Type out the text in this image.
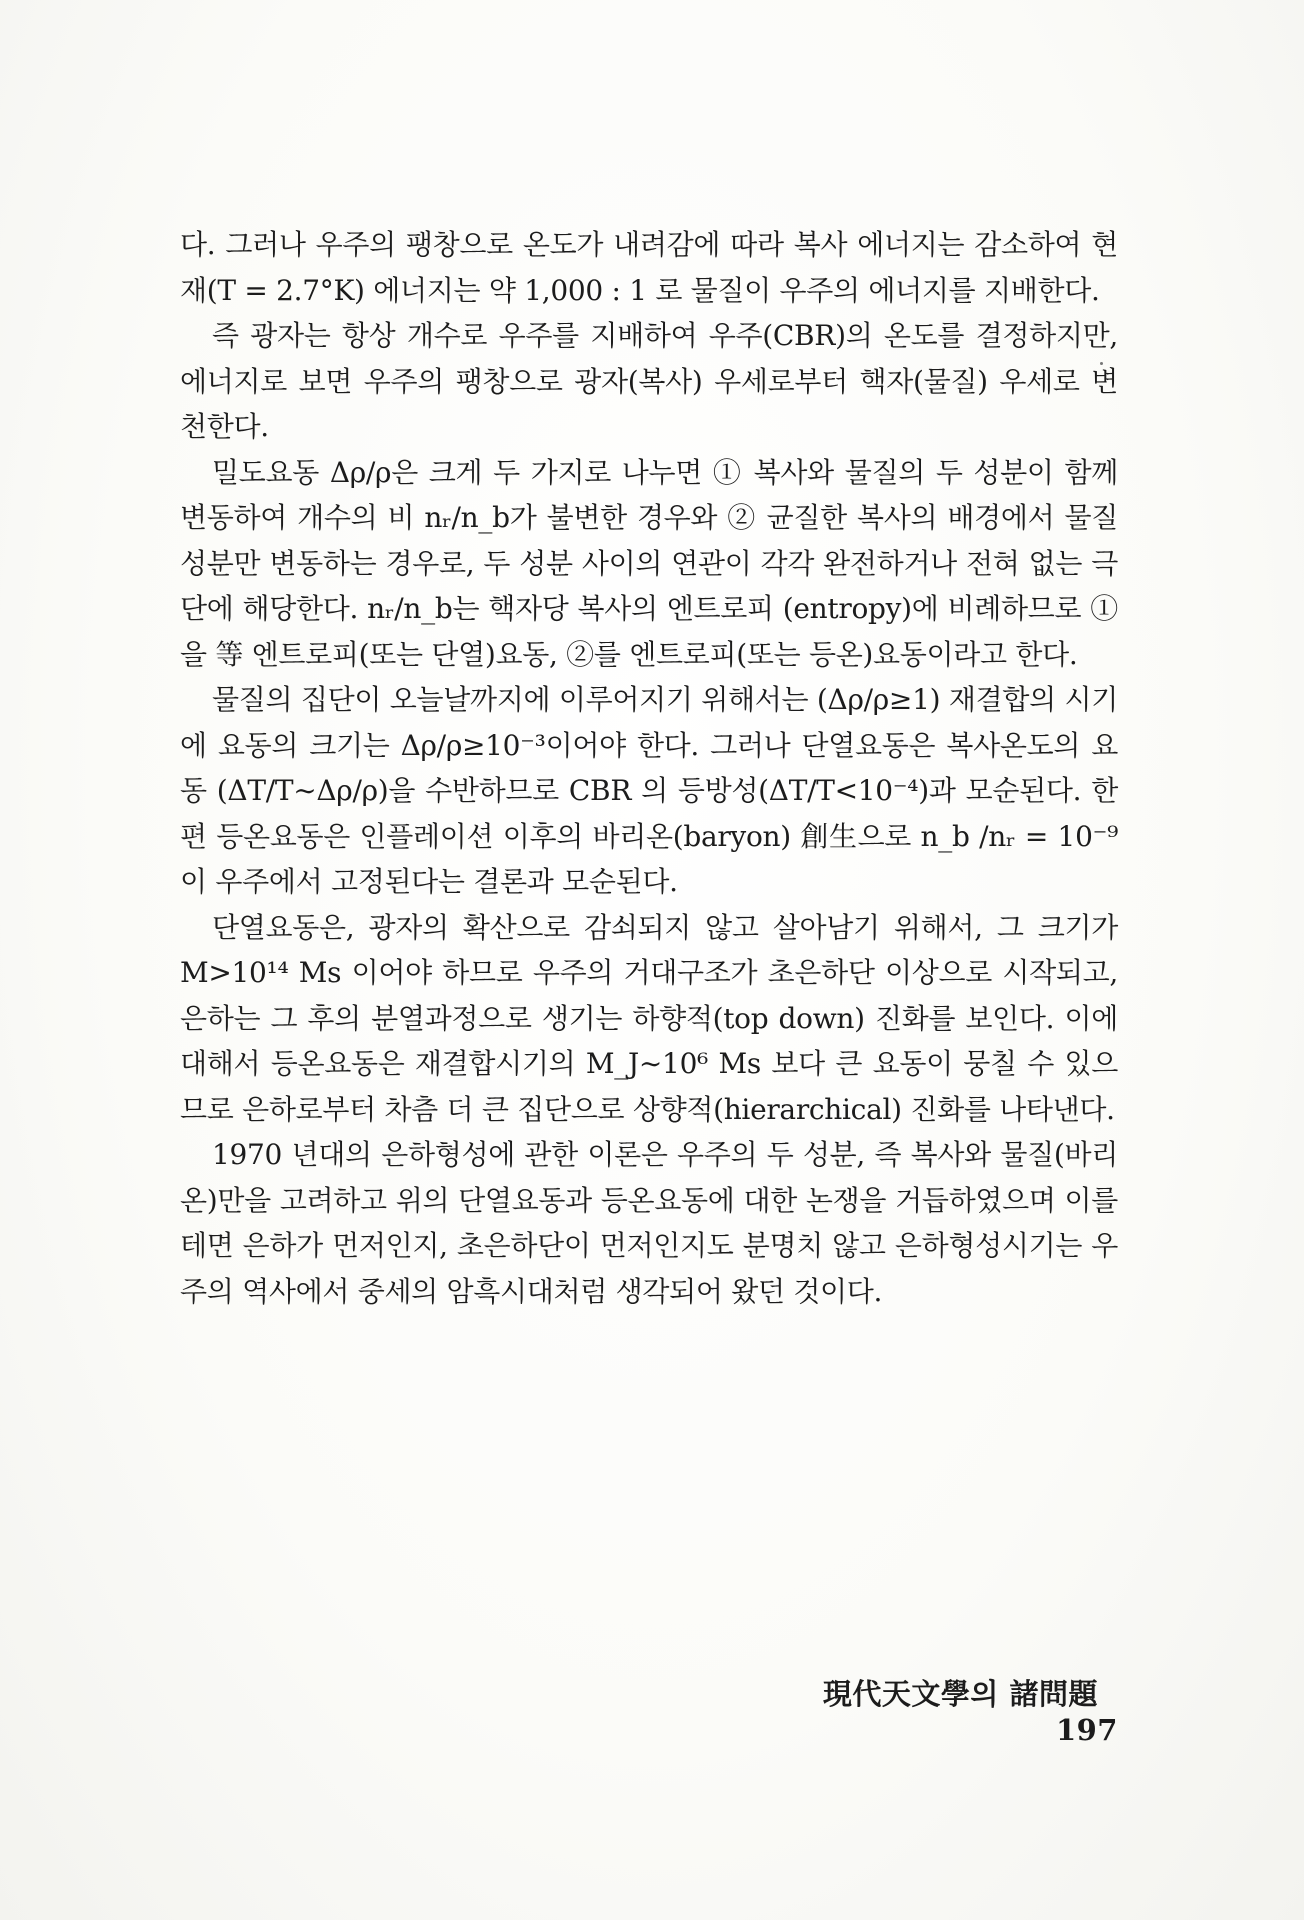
다. 그러나 우주의 팽창으로 온도가 내려감에 따라 복사 에너지는 감소하여 현재(T = 2.7°K) 에너지는 약 1,000 : 1 로 물질이 우주의 에너지를 지배한다.

즉 광자는 항상 개수로 우주를 지배하여 우주(CBR)의 온도를 결정하지만, 에너지로 보면 우주의 팽창으로 광자(복사) 우세로부터 핵자(물질) 우세로 변천한다.

밀도요동 Δρ/ρ은 크게 두 가지로 나누면 ① 복사와 물질의 두 성분이 함께 변동하여 개수의 비 nᵣ/n_b가 불변한 경우와 ② 균질한 복사의 배경에서 물질성분만 변동하는 경우로, 두 성분 사이의 연관이 각각 완전하거나 전혀 없는 극단에 해당한다. nᵣ/n_b는 핵자당 복사의 엔트로피 (entropy)에 비례하므로 ①을 等 엔트로피(또는 단열)요동, ②를 엔트로피(또는 등온)요동이라고 한다.

물질의 집단이 오늘날까지에 이루어지기 위해서는 (Δρ/ρ≥1) 재결합의 시기에 요동의 크기는 Δρ/ρ≥10⁻³이어야 한다. 그러나 단열요동은 복사온도의 요동 (ΔT/T∼Δρ/ρ)을 수반하므로 CBR 의 등방성(ΔT/T<10⁻⁴)과 모순된다. 한편 등온요동은 인플레이션 이후의 바리온(baryon) 創生으로 n_b /nᵣ = 10⁻⁹이 우주에서 고정된다는 결론과 모순된다.

단열요동은, 광자의 확산으로 감쇠되지 않고 살아남기 위해서, 그 크기가 M>10¹⁴ Ms 이어야 하므로 우주의 거대구조가 초은하단 이상으로 시작되고, 은하는 그 후의 분열과정으로 생기는 하향적(top down) 진화를 보인다. 이에 대해서 등온요동은 재결합시기의 M_J∼10⁶ Ms 보다 큰 요동이 뭉칠 수 있으므로 은하로부터 차츰 더 큰 집단으로 상향적(hierarchical) 진화를 나타낸다.

1970 년대의 은하형성에 관한 이론은 우주의 두 성분, 즉 복사와 물질(바리온)만을 고려하고 위의 단열요동과 등온요동에 대한 논쟁을 거듭하였으며 이를테면 은하가 먼저인지, 초은하단이 먼저인지도 분명치 않고 은하형성시기는 우주의 역사에서 중세의 암흑시대처럼 생각되어 왔던 것이다.

現代天文學의 諸問題 197
